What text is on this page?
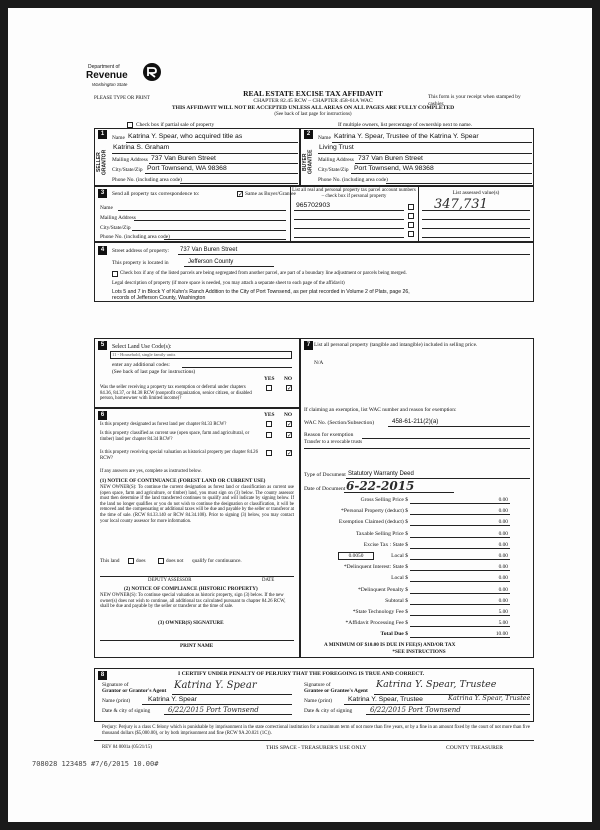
Department of
Revenue
Washington State
PLEASE TYPE OR PRINT
REAL ESTATE EXCISE TAX AFFIDAVIT
CHAPTER 82.45 RCW – CHAPTER 458-61A WAC
THIS AFFIDAVIT WILL NOT BE ACCEPTED UNLESS ALL AREAS ON ALL PAGES ARE FULLY COMPLETED
(See back of last page for instructions)
This form is your receipt when stamped by cashier.
Check box if partial sale of property	If multiple owners, list percentage of ownership next to name.
1	2
SELLER GRANTOR	BUYER GRANTEE
Name Katrina Y. Spear, who acquired title as
Katrina S. Graham
Mailing Address 737 Van Buren Street
City/State/Zip Port Townsend, WA 98368
Phone No. (including area code)
Name Katrina Y. Spear, Trustee of the Katrina Y. Spear
Living Trust
Mailing Address 737 Van Buren Street
City/State/Zip Port Townsend, WA 98368
Phone No. (including area code)
3	Send all property tax correspondence to:	✓ Same as Buyer/Grantee
Name
Mailing Address
City/State/Zip
Phone No. (including area code)
List all real and personal property tax parcel account numbers – check box if personal property
965702903
List assessed value(s)
347,731
4	Street address of property: 737 Van Buren Street
This property is located in	Jefferson County
Check box if any of the listed parcels are being segregated from another parcel, are part of a boundary line adjustment or parcels being merged.
Legal description of property (if more space is needed, you may attach a separate sheet to each page of the affidavit)
Lots 5 and 7 in Block Y of Kuhn's Ranch Addition to the City of Port Townsend, as per plat recorded in Volume 2 of Plats, page 26,
records of Jefferson County, Washington
5	Select Land Use Code(s):
11 - Household, single family units
enter any additional codes:
(See back of last page for instructions)
YES NO
Was the seller receiving a property tax exemption or deferral under chapters 84.36, 84.37, or 84.38 RCW (nonprofit organization, senior citizen, or disabled person, homeowner with limited income)?
✓
6	YES NO
Is this property designated as forest land per chapter 84.33 RCW?	✓
Is this property classified as current use (open space, farm and agricultural, or timber) land per chapter 84.34 RCW?
✓
Is this property receiving special valuation as historical property per chapter 84.26 RCW?
✓
If any answers are yes, complete as instructed below.
(1) NOTICE OF CONTINUANCE (FOREST LAND OR CURRENT USE)
NEW OWNER(S): To continue the current designation as forest land or classification as current use (open space, farm and agriculture, or timber) land, you must sign on (3) below. The county assessor must then determine if the land transferred continues to qualify and will indicate by signing below. If the land no longer qualifies or you do not wish to continue the designation or classification, it will be removed and the compensating or additional taxes will be due and payable by the seller or transferor at the time of sale. (RCW 84.33.140 or RCW 84.34.108). Prior to signing (3) below, you may contact your local county assessor for more information.
This land	does	does not qualify for continuance.
DEPUTY ASSESSOR	DATE
(2) NOTICE OF COMPLIANCE (HISTORIC PROPERTY)
NEW OWNER(S): To continue special valuation as historic property, sign (3) below. If the new owner(s) does not wish to continue, all additional tax calculated pursuant to chapter 84.26 RCW, shall be due and payable by the seller or transferor at the time of sale.
(3) OWNER(S) SIGNATURE
PRINT NAME
7 List all personal property (tangible and intangible) included in selling price.
N/A
If claiming an exemption, list WAC number and reason for exemption:
WAC No. (Section/Subsection)	458-61-211(2)(a)
Reason for exemption
Transfer to a revocable trusts
Type of Document Statutory Warranty Deed
Date of Document 6-22-2015
Gross Selling Price $	0.00
*Personal Property (deduct) $	0.00
Exemption Claimed (deduct) $	0.00
Taxable Selling Price $	0.00
Excise Tax : State $	0.00
Local $	0.00
*Delinquent Interest: State $	0.00
Local $	0.00
*Delinquent Penalty $	0.00
Subtotal $	0.00
*State Technology Fee $	5.00
*Affidavit Processing Fee $	5.00
Total Due $	10.00
0.0050
A MINIMUM OF $10.00 IS DUE IN FEE(S) AND/OR TAX
*SEE INSTRUCTIONS
8	I CERTIFY UNDER PENALTY OF PERJURY THAT THE FOREGOING IS TRUE AND CORRECT.
Signature of
Grantor or Grantor's Agent Katrina Y. Spear
Name (print)	Katrina Y. Spear
Date & city of signing	6/22/2015 Port Townsend
Signature of
Grantee or Grantee's Agent
Katrina Y. Spear, Trustee
Name (print) Katrina Y. Spear, Trustee	Katrina Y. Spear, Trustee
Date & city of signing	6/22/2015 Port Townsend
Perjury: Perjury is a class C felony which is punishable by imprisonment in the state correctional institution for a maximum term of not more than five years, or by a fine in an amount fixed by the court of not more than five thousand dollars ($5,000.00), or by both imprisonment and fine (RCW 9A.20.021 (1C)).
REV 84 0001a (05/21/15)	THIS SPACE - TREASURER'S USE ONLY	COUNTY TREASURER
708028 123485 #7/6/2015 10.00#
